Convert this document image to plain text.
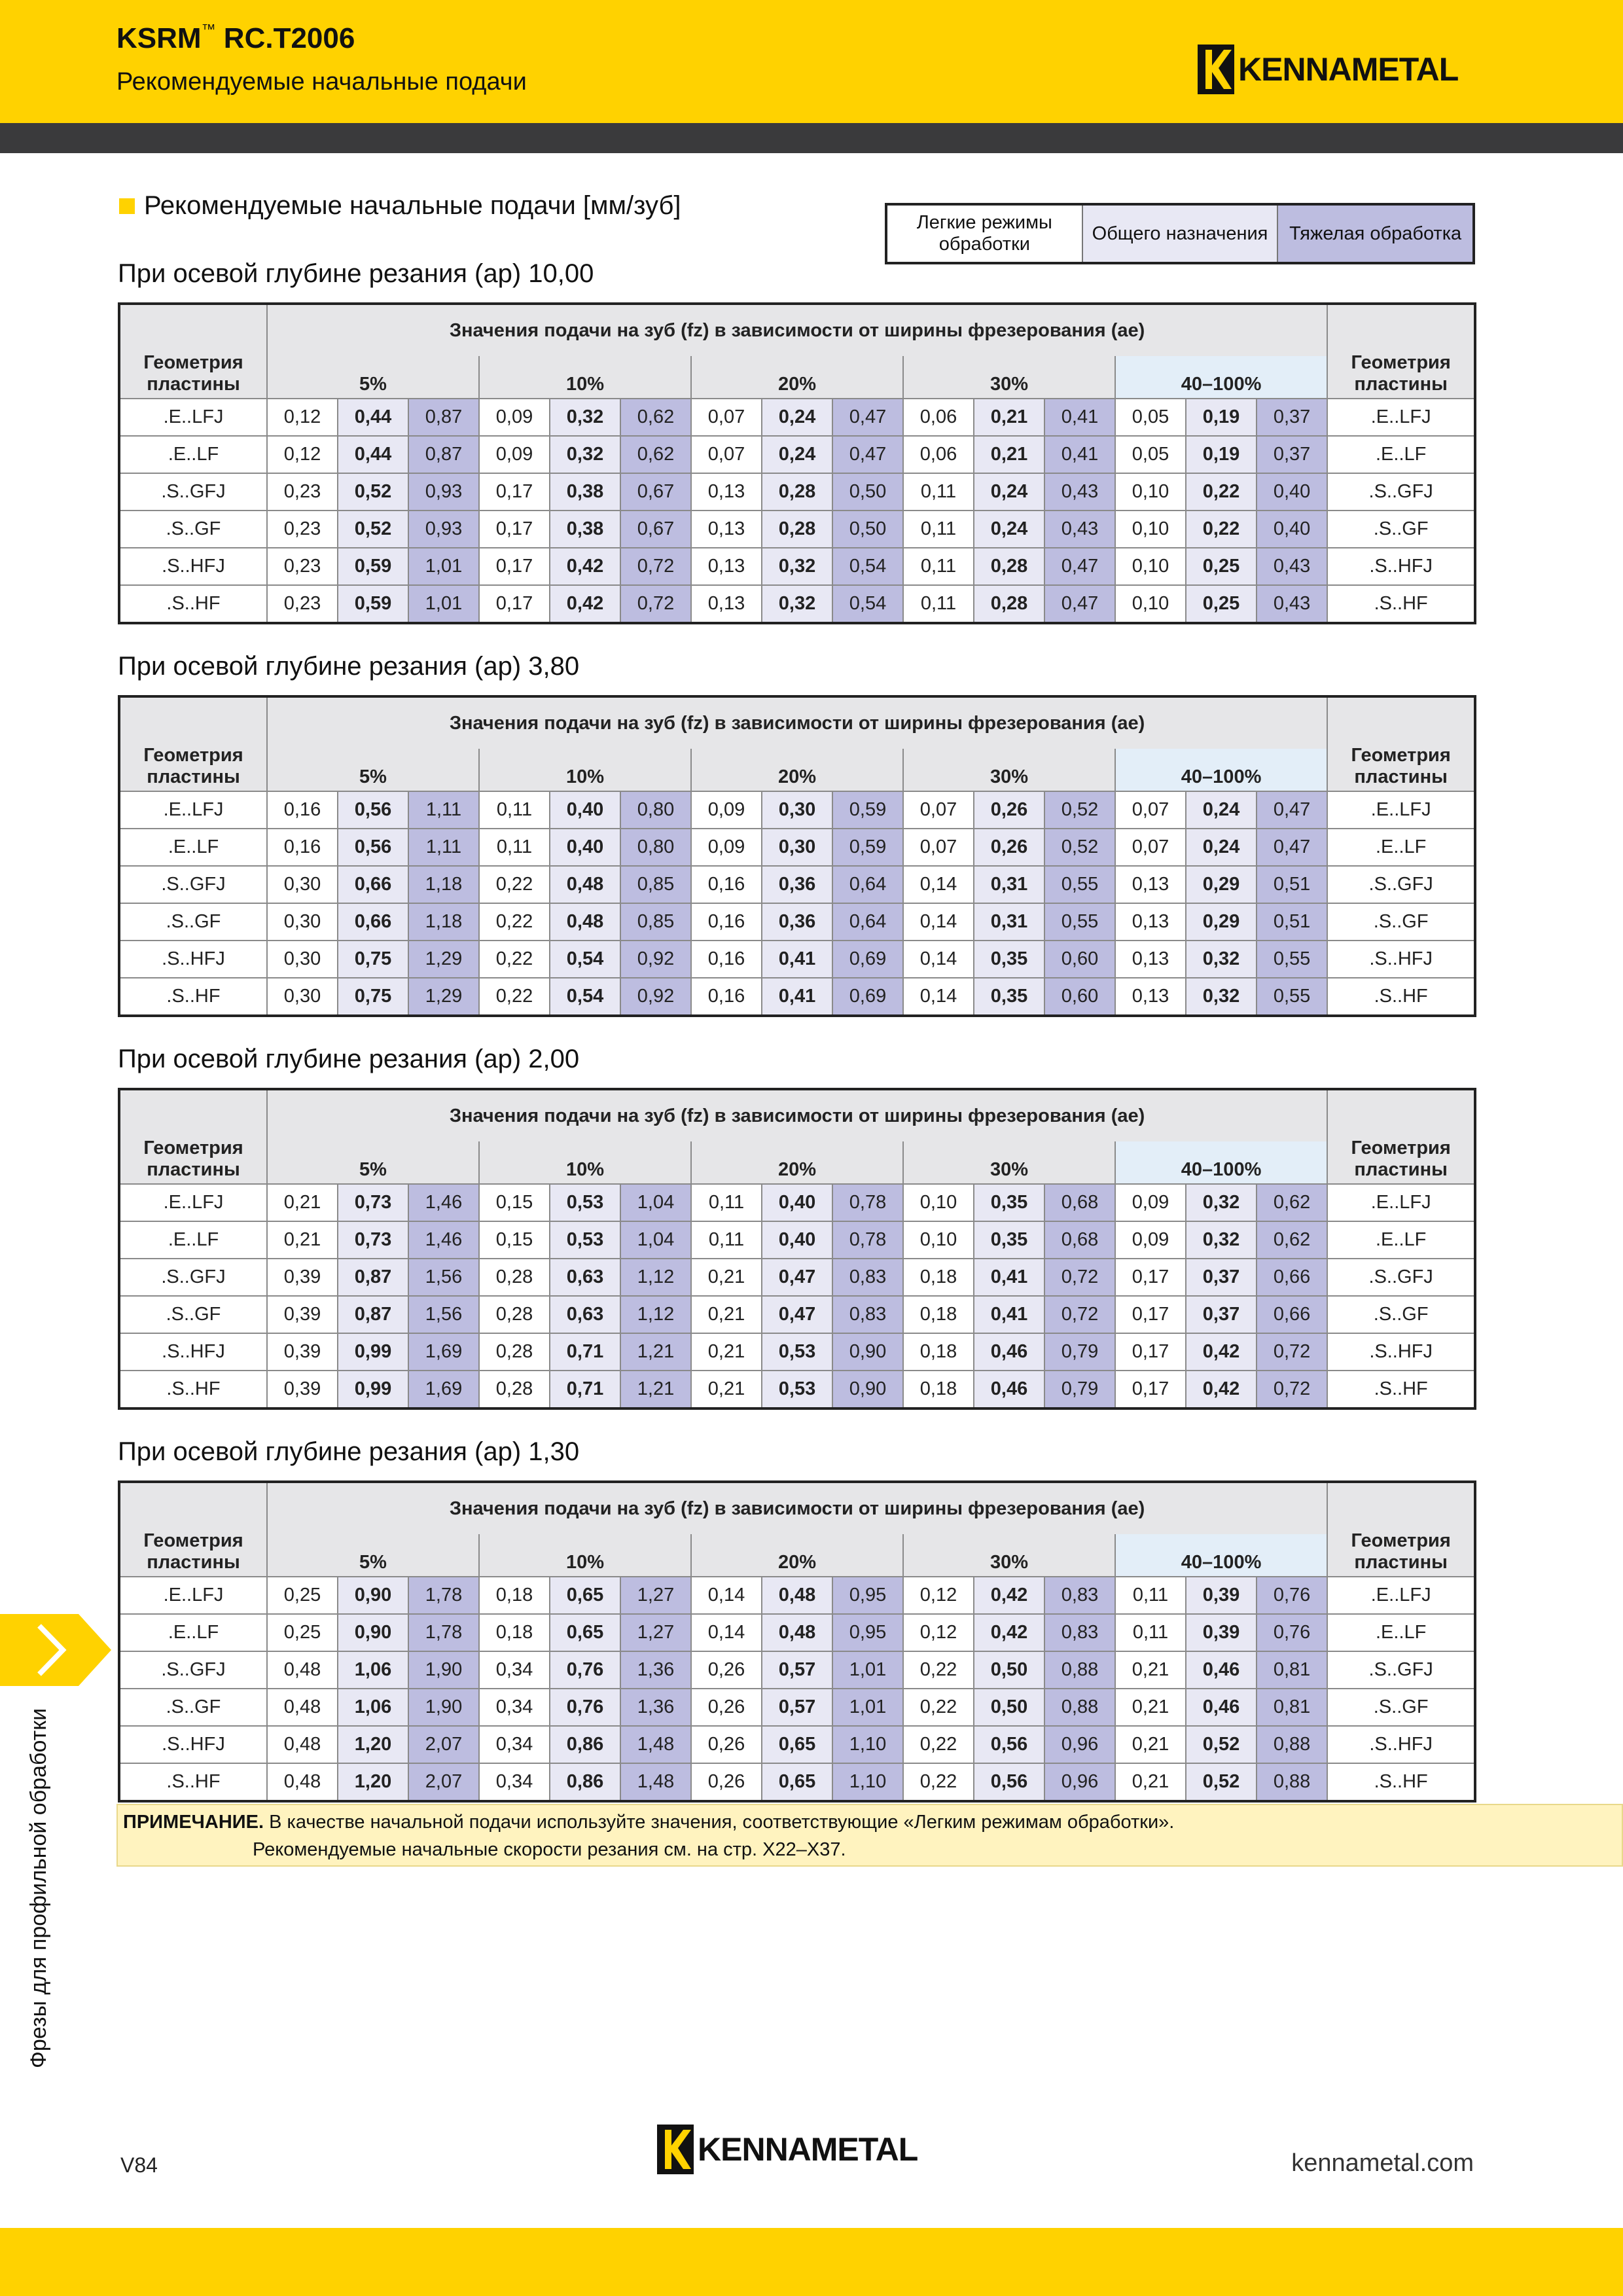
KSRM™ RC.T2006
Рекомендуемые начальные подачи	KENNAMETAL
Рекомендуемые начальные подачи [мм/зуб]
Легкие режимы обработки
Общего назначения	Тяжелая обработка
При осевой глубине резания (ap) 10,00
Геометрия пластины	Значения подачи на зуб (fz) в зависимости от ширины фрезерования (ae)															Геометрия пластины
	5%			10%			20%			30%			40–100%			
.E..LFJ	0,12	0,44	0,87	0,09	0,32	0,62	0,07	0,24	0,47	0,06	0,21	0,41	0,05	0,19	0,37	.E..LFJ
.E..LF	0,12	0,44	0,87	0,09	0,32	0,62	0,07	0,24	0,47	0,06	0,21	0,41	0,05	0,19	0,37	.E..LF
.S..GFJ	0,23	0,52	0,93	0,17	0,38	0,67	0,13	0,28	0,50	0,11	0,24	0,43	0,10	0,22	0,40	.S..GFJ
.S..GF	0,23	0,52	0,93	0,17	0,38	0,67	0,13	0,28	0,50	0,11	0,24	0,43	0,10	0,22	0,40	.S..GF
.S..HFJ	0,23	0,59	1,01	0,17	0,42	0,72	0,13	0,32	0,54	0,11	0,28	0,47	0,10	0,25	0,43	.S..HFJ
.S..HF	0,23	0,59	1,01	0,17	0,42	0,72	0,13	0,32	0,54	0,11	0,28	0,47	0,10	0,25	0,43	.S..HF
При осевой глубине резания (ap) 3,80
Геометрия пластины	Значения подачи на зуб (fz) в зависимости от ширины фрезерования (ae)															Геометрия пластины
	5%			10%			20%			30%			40–100%			
.E..LFJ	0,16	0,56	1,11	0,11	0,40	0,80	0,09	0,30	0,59	0,07	0,26	0,52	0,07	0,24	0,47	.E..LFJ
.E..LF	0,16	0,56	1,11	0,11	0,40	0,80	0,09	0,30	0,59	0,07	0,26	0,52	0,07	0,24	0,47	.E..LF
.S..GFJ	0,30	0,66	1,18	0,22	0,48	0,85	0,16	0,36	0,64	0,14	0,31	0,55	0,13	0,29	0,51	.S..GFJ
.S..GF	0,30	0,66	1,18	0,22	0,48	0,85	0,16	0,36	0,64	0,14	0,31	0,55	0,13	0,29	0,51	.S..GF
.S..HFJ	0,30	0,75	1,29	0,22	0,54	0,92	0,16	0,41	0,69	0,14	0,35	0,60	0,13	0,32	0,55	.S..HFJ
.S..HF	0,30	0,75	1,29	0,22	0,54	0,92	0,16	0,41	0,69	0,14	0,35	0,60	0,13	0,32	0,55	.S..HF
При осевой глубине резания (ap) 2,00
Геометрия пластины	Значения подачи на зуб (fz) в зависимости от ширины фрезерования (ae)															Геометрия пластины
	5%			10%			20%			30%			40–100%			
.E..LFJ	0,21	0,73	1,46	0,15	0,53	1,04	0,11	0,40	0,78	0,10	0,35	0,68	0,09	0,32	0,62	.E..LFJ
.E..LF	0,21	0,73	1,46	0,15	0,53	1,04	0,11	0,40	0,78	0,10	0,35	0,68	0,09	0,32	0,62	.E..LF
.S..GFJ	0,39	0,87	1,56	0,28	0,63	1,12	0,21	0,47	0,83	0,18	0,41	0,72	0,17	0,37	0,66	.S..GFJ
.S..GF	0,39	0,87	1,56	0,28	0,63	1,12	0,21	0,47	0,83	0,18	0,41	0,72	0,17	0,37	0,66	.S..GF
.S..HFJ	0,39	0,99	1,69	0,28	0,71	1,21	0,21	0,53	0,90	0,18	0,46	0,79	0,17	0,42	0,72	.S..HFJ
.S..HF	0,39	0,99	1,69	0,28	0,71	1,21	0,21	0,53	0,90	0,18	0,46	0,79	0,17	0,42	0,72	.S..HF
При осевой глубине резания (ap) 1,30
Геометрия пластины	Значения подачи на зуб (fz) в зависимости от ширины фрезерования (ae)															Геометрия пластины
	5%			10%			20%			30%			40–100%			
.E..LFJ	0,25	0,90	1,78	0,18	0,65	1,27	0,14	0,48	0,95	0,12	0,42	0,83	0,11	0,39	0,76	.E..LFJ
.E..LF	0,25	0,90	1,78	0,18	0,65	1,27	0,14	0,48	0,95	0,12	0,42	0,83	0,11	0,39	0,76	.E..LF
.S..GFJ	0,48	1,06	1,90	0,34	0,76	1,36	0,26	0,57	1,01	0,22	0,50	0,88	0,21	0,46	0,81	.S..GFJ
.S..GF	0,48	1,06	1,90	0,34	0,76	1,36	0,26	0,57	1,01	0,22	0,50	0,88	0,21	0,46	0,81	.S..GF
.S..HFJ	0,48	1,20	2,07	0,34	0,86	1,48	0,26	0,65	1,10	0,22	0,56	0,96	0,21	0,52	0,88	.S..HFJ
.S..HF	0,48	1,20	2,07	0,34	0,86	1,48	0,26	0,65	1,10	0,22	0,56	0,96	0,21	0,52	0,88	.S..HF
ПРИМЕЧАНИЕ. В качестве начальной подачи используйте значения, соответствующие «Легким режимам обработки».
Рекомендуемые начальные скорости резания см. на стр. X22–X37.
Фрезы для профильной обработки
V84	KENNAMETAL	kennametal.com
